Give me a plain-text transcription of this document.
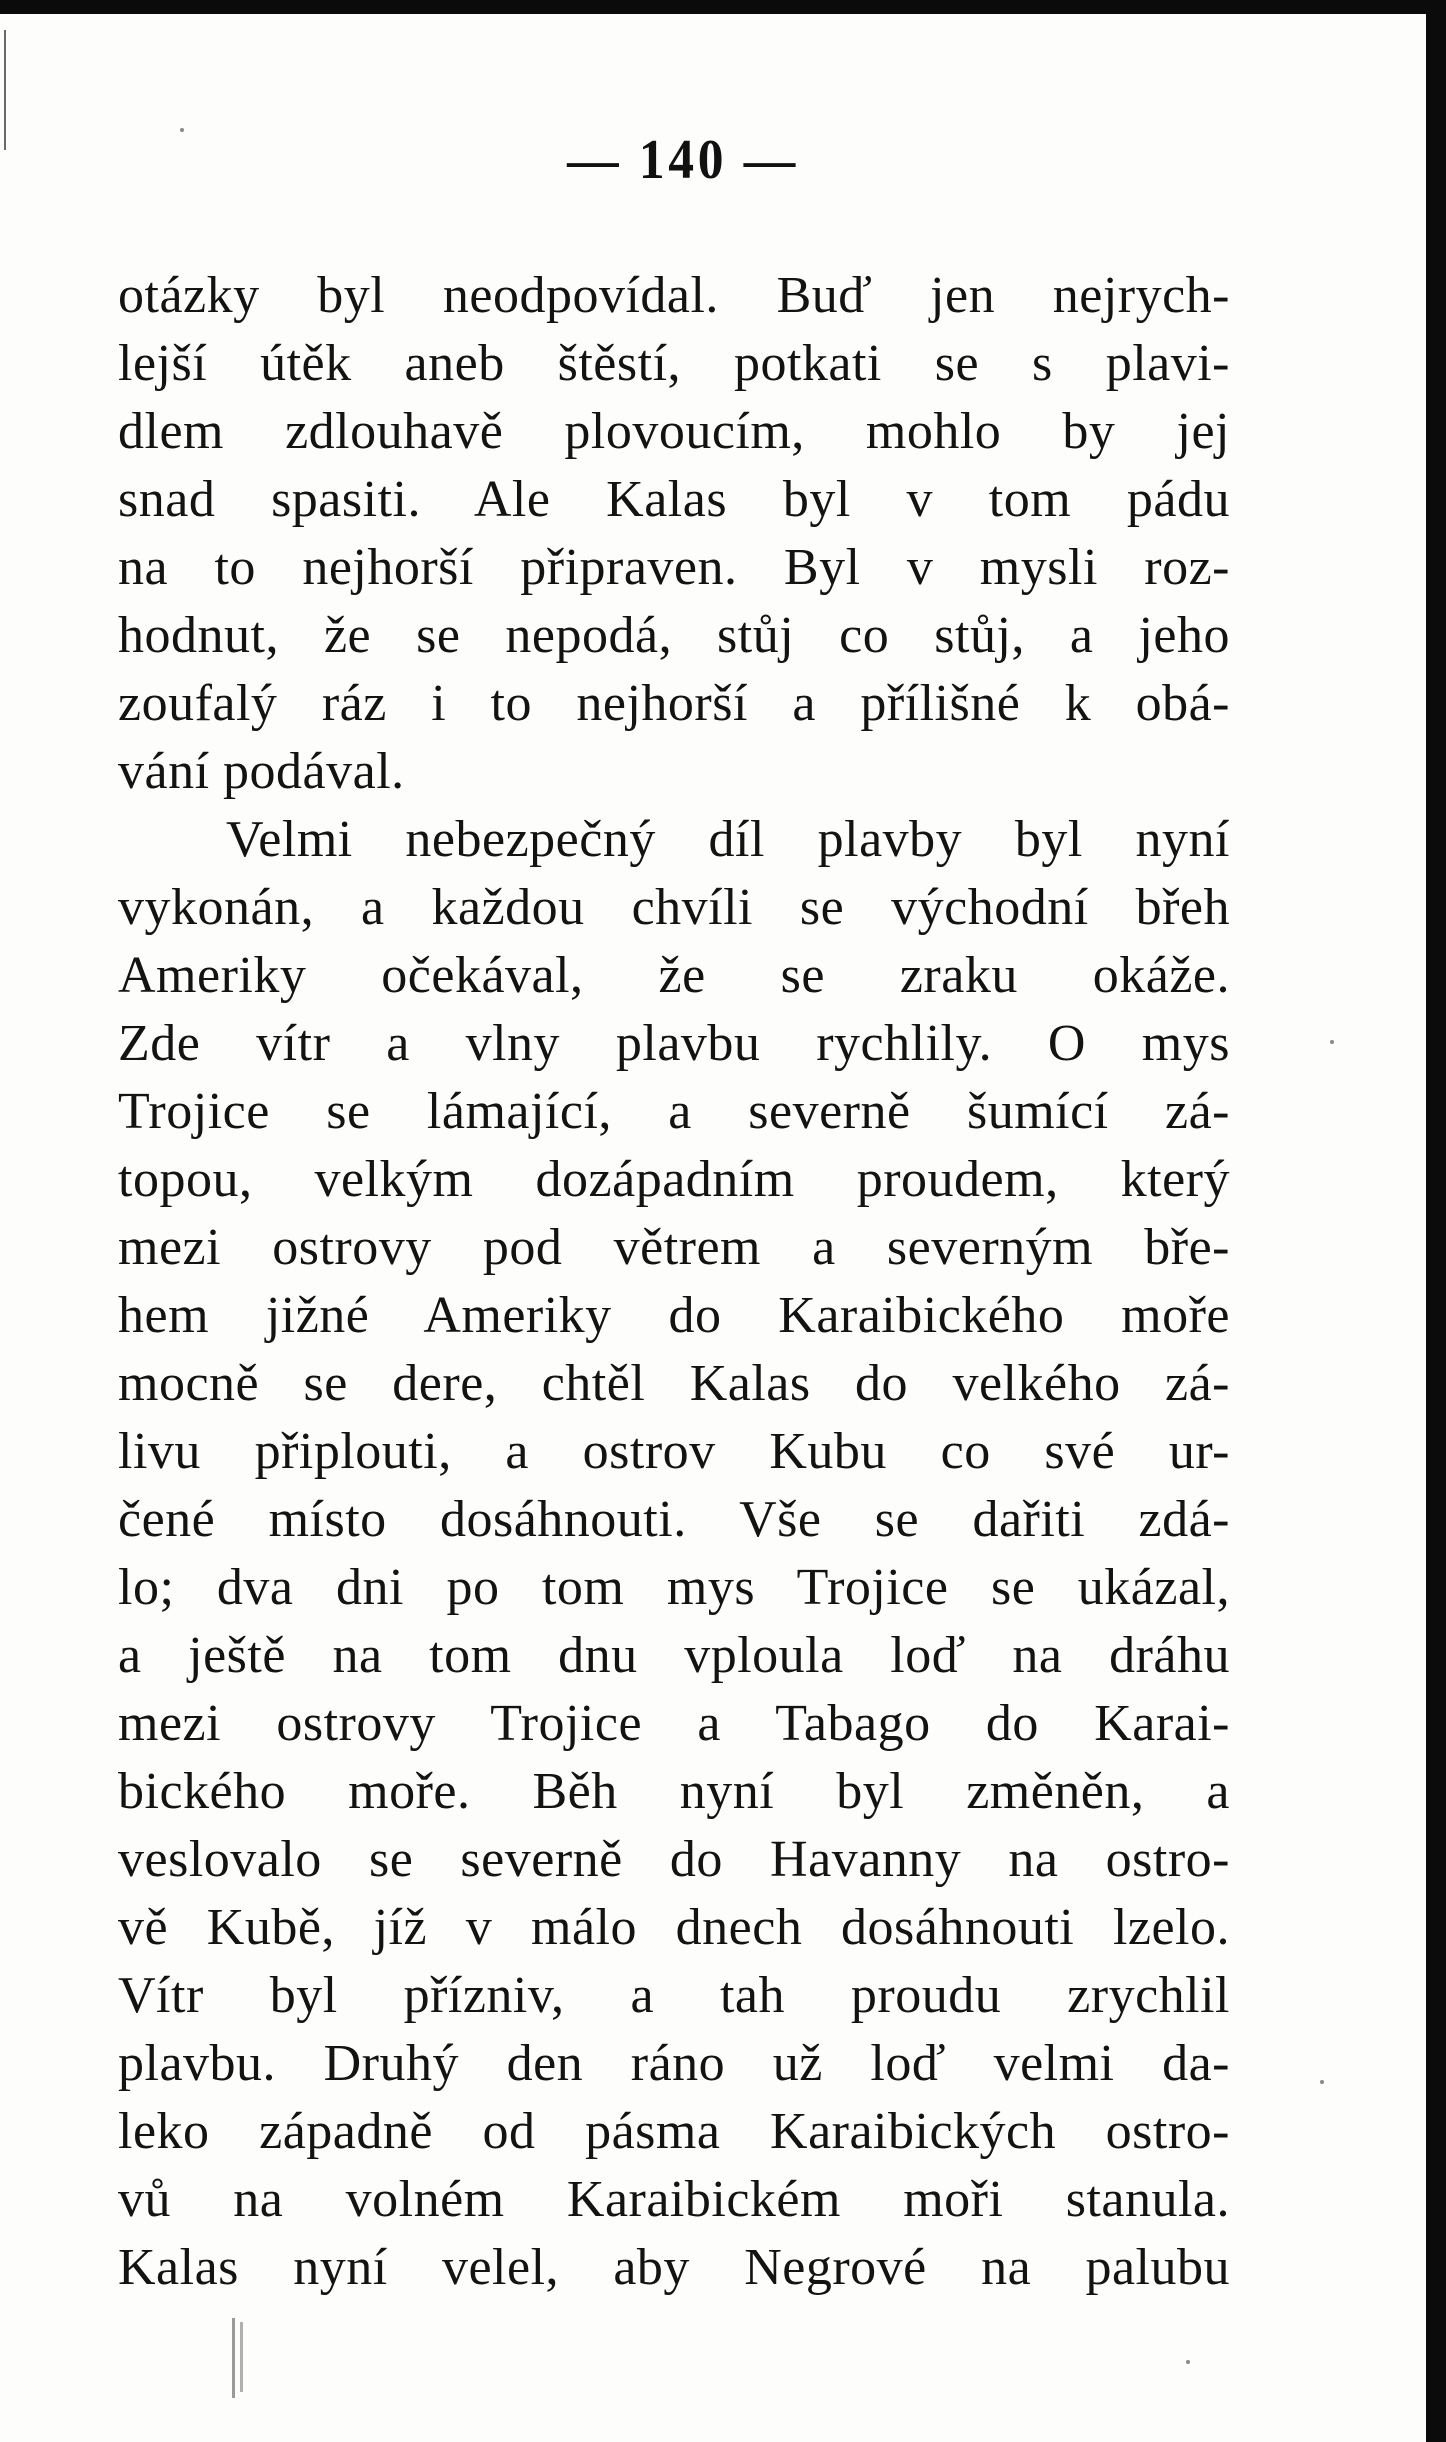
— 140 —
otázky byl neodpovídal. Buď jen nejrych-
lejší útěk aneb štěstí, potkati se s plavi-
dlem zdlouhavě plovoucím, mohlo by jej
snad spasiti. Ale Kalas byl v tom pádu
na to nejhorší připraven. Byl v mysli roz-
hodnut, že se nepodá, stůj co stůj, a jeho
zoufalý ráz i to nejhorší a přílišné k obá-
vání podával.
Velmi nebezpečný díl plavby byl nyní
vykonán, a každou chvíli se východní břeh
Ameriky očekával, že se zraku okáže.
Zde vítr a vlny plavbu rychlily. O mys
Trojice se lámající, a severně šumící zá-
topou, velkým dozápadním proudem, který
mezi ostrovy pod větrem a severným bře-
hem jižné Ameriky do Karaibického moře
mocně se dere, chtěl Kalas do velkého zá-
livu připlouti, a ostrov Kubu co své ur-
čené místo dosáhnouti. Vše se dařiti zdá-
lo; dva dni po tom mys Trojice se ukázal,
a ještě na tom dnu vploula loď na dráhu
mezi ostrovy Trojice a Tabago do Karai-
bického moře. Běh nyní byl změněn, a
veslovalo se severně do Havanny na ostro-
vě Kubě, jíž v málo dnech dosáhnouti lzelo.
Vítr byl přízniv, a tah proudu zrychlil
plavbu. Druhý den ráno už loď velmi da-
leko západně od pásma Karaibických ostro-
vů na volném Karaibickém moři stanula.
Kalas nyní velel, aby Negrové na palubu
